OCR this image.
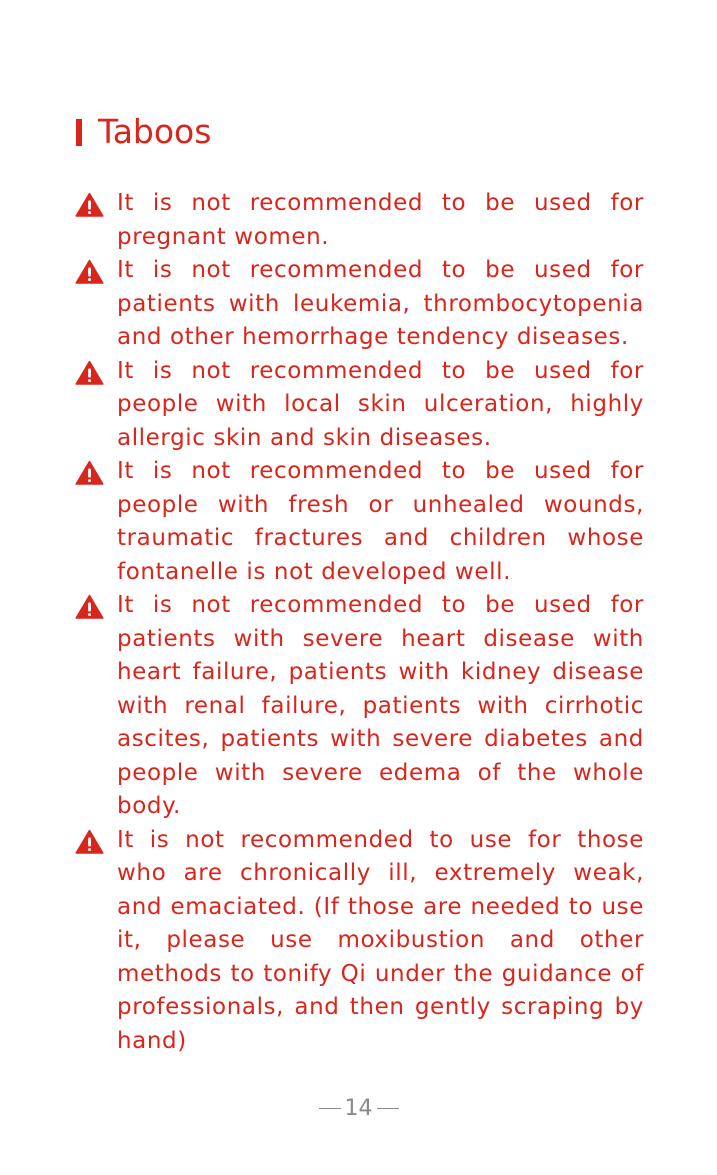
Taboos
It is not recommended to be used for pregnant women.
It is not recommended to be used for patients with leukemia, thrombocytopenia and other hemorrhage tendency diseases.
It is not recommended to be used for people with local skin ulceration, highly allergic skin and skin diseases.
It is not recommended to be used for people with fresh or unhealed wounds, traumatic fractures and children whose fontanelle is not developed well.
It is not recommended to be used for patients with severe heart disease with heart failure, patients with kidney disease with renal failure, patients with cirrhotic ascites, patients with severe diabetes and people with severe edema of the whole body.
It is not recommended to use for those who are chronically ill, extremely weak, and emaciated. (If those are needed to use it, please use moxibustion and other methods to tonify Qi under the guidance of professionals, and then gently scraping by hand)
14
